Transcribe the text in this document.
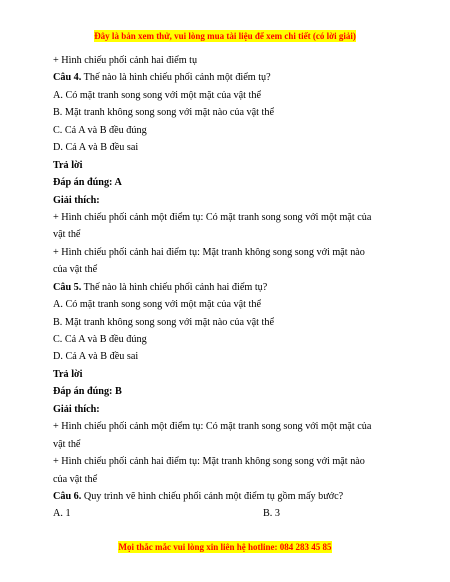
Đây là bản xem thử, vui lòng mua tài liệu để xem chi tiết (có lời giải)
+ Hình chiếu phối cảnh hai điểm tụ
Câu 4. Thế nào là hình chiếu phối cảnh một điểm tụ?
A. Có mặt tranh song song với một mặt của vật thể
B. Mặt tranh không song song với mặt nào của vật thể
C. Cả A và B đều đúng
D. Cả A và B đều sai
Trả lời
Đáp án đúng: A
Giải thích:
+ Hình chiếu phối cảnh một điểm tụ: Có mặt tranh song song với một mặt của
vật thể
+ Hình chiếu phối cảnh hai điểm tụ: Mặt tranh không song song với mặt nào
của vật thể
Câu 5. Thế nào là hình chiếu phối cảnh hai điểm tụ?
A. Có mặt tranh song song với một mặt của vật thể
B. Mặt tranh không song song với mặt nào của vật thể
C. Cả A và B đều đúng
D. Cả A và B đều sai
Trả lời
Đáp án đúng: B
Giải thích:
+ Hình chiếu phối cảnh một điểm tụ: Có mặt tranh song song với một mặt của
vật thể
+ Hình chiếu phối cảnh hai điểm tụ: Mặt tranh không song song với mặt nào
của vật thể
Câu 6. Quy trình vẽ hình chiếu phối cảnh một điểm tụ gồm mấy bước?
A. 1	B. 3
Mọi thắc mắc vui lòng xin liên hệ hotline: 084 283 45 85
